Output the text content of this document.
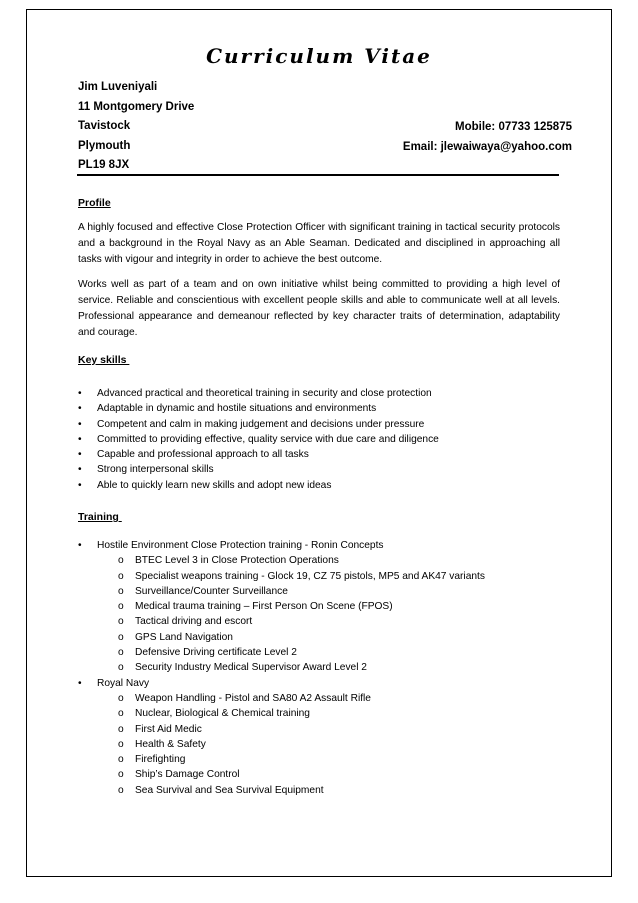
Curriculum Vitae
Jim Luveniyali
11 Montgomery Drive
Tavistock
Plymouth
PL19 8JX
Mobile: 07733 125875
Email: jlewaiwaya@yahoo.com
Profile
A highly focused and effective Close Protection Officer with significant training in tactical security protocols and a background in the Royal Navy as an Able Seaman. Dedicated and disciplined in approaching all tasks with vigour and integrity in order to achieve the best outcome.
Works well as part of a team and on own initiative whilst being committed to providing a high level of service. Reliable and conscientious with excellent people skills and able to communicate well at all levels. Professional appearance and demeanour reflected by key character traits of determination, adaptability and courage.
Key skills
• Advanced practical and theoretical training in security and close protection
• Adaptable in dynamic and hostile situations and environments
• Competent and calm in making judgement and decisions under pressure
• Committed to providing effective, quality service with due care and diligence
• Capable and professional approach to all tasks
• Strong interpersonal skills
• Able to quickly learn new skills and adopt new ideas
Training
• Hostile Environment Close Protection training - Ronin Concepts
o BTEC Level 3 in Close Protection Operations
o Specialist weapons training - Glock 19, CZ 75 pistols, MP5 and AK47 variants
o Surveillance/Counter Surveillance
o Medical trauma training – First Person On Scene (FPOS)
o Tactical driving and escort
o GPS Land Navigation
o Defensive Driving certificate Level 2
o Security Industry Medical Supervisor Award Level 2
• Royal Navy
o Weapon Handling - Pistol and SA80 A2 Assault Rifle
o Nuclear, Biological & Chemical training
o First Aid Medic
o Health & Safety
o Firefighting
o Ship’s Damage Control
o Sea Survival and Sea Survival Equipment
